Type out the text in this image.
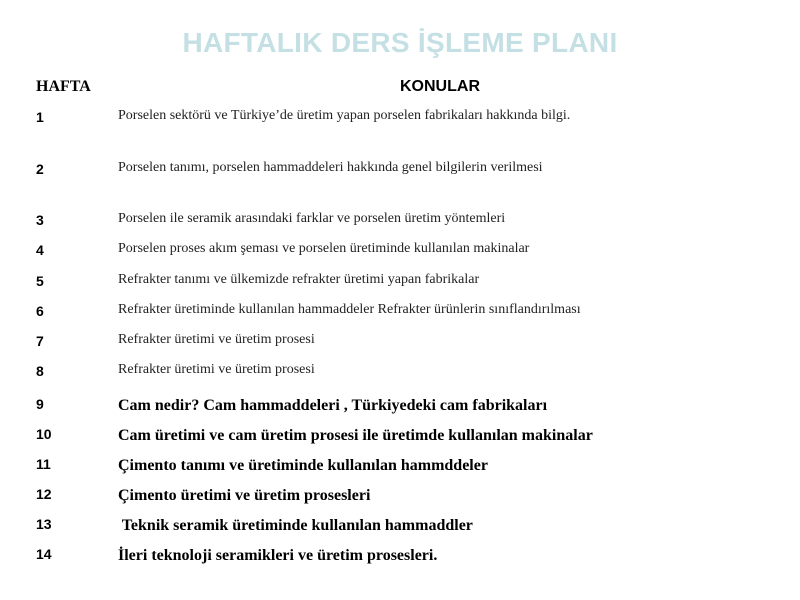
HAFTALIK DERS İŞLEME PLANI
HAFTA	KONULAR
1	Porselen sektörü ve Türkiye’de üretim yapan porselen fabrikaları hakkında bilgi.
2	Porselen tanımı, porselen hammaddeleri hakkında genel bilgilerin verilmesi
3	Porselen ile seramik arasındaki farklar ve porselen üretim yöntemleri
4	Porselen proses akım şeması ve porselen üretiminde kullanılan makinalar
5	Refrakter tanımı ve ülkemizde refrakter üretimi yapan fabrikalar
6	Refrakter üretiminde kullanılan hammaddeler Refrakter ürünlerin sınıflandırılması
7	Refrakter üretimi ve üretim prosesi
8	Refrakter üretimi ve üretim prosesi
9	Cam nedir? Cam hammaddeleri , Türkiyedeki cam fabrikaları
10	Cam üretimi ve cam üretim prosesi ile üretimde kullanılan makinalar
11	Çimento tanımı ve üretiminde kullanılan hammddeler
12	Çimento üretimi ve üretim prosesleri
13	Teknik seramik üretiminde kullanılan hammaddler
14	İleri teknoloji seramikleri ve üretim prosesleri.
